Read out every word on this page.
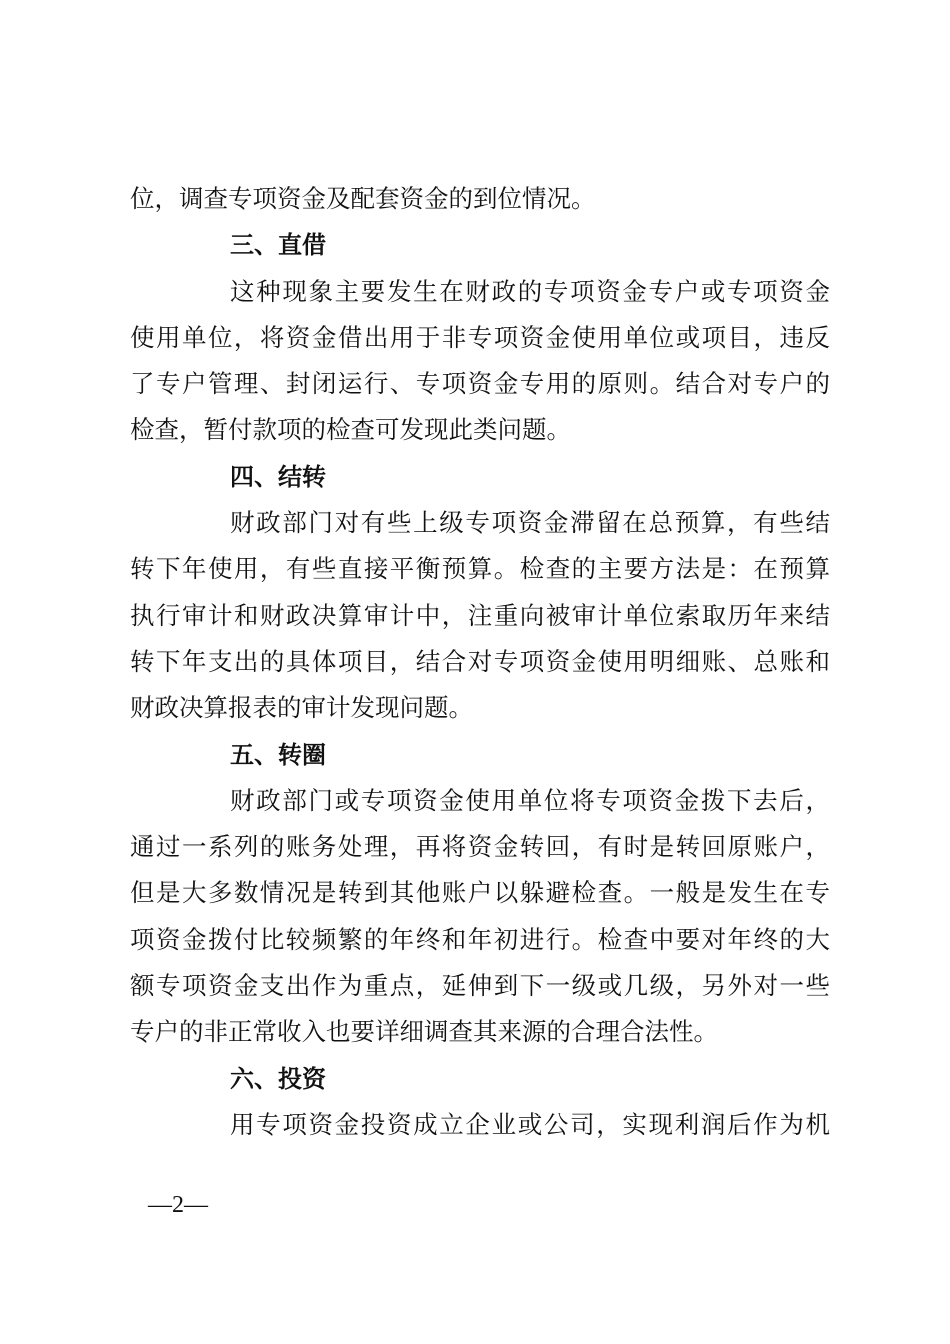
位，调查专项资金及配套资金的到位情况。
三、直借
这种现象主要发生在财政的专项资金专户或专项资金
使用单位，将资金借出用于非专项资金使用单位或项目，违反
了专户管理、封闭运行、专项资金专用的原则。结合对专户的
检查，暂付款项的检查可发现此类问题。
四、结转
财政部门对有些上级专项资金滞留在总预算，有些结
转下年使用，有些直接平衡预算。检查的主要方法是：在预算
执行审计和财政决算审计中，注重向被审计单位索取历年来结
转下年支出的具体项目，结合对专项资金使用明细账、总账和
财政决算报表的审计发现问题。
五、转圈
财政部门或专项资金使用单位将专项资金拨下去后，
通过一系列的账务处理，再将资金转回，有时是转回原账户，
但是大多数情况是转到其他账户以躲避检查。一般是发生在专
项资金拨付比较频繁的年终和年初进行。检查中要对年终的大
额专项资金支出作为重点，延伸到下一级或几级，另外对一些
专户的非正常收入也要详细调查其来源的合理合法性。
六、投资
用专项资金投资成立企业或公司，实现利润后作为机
—2—
